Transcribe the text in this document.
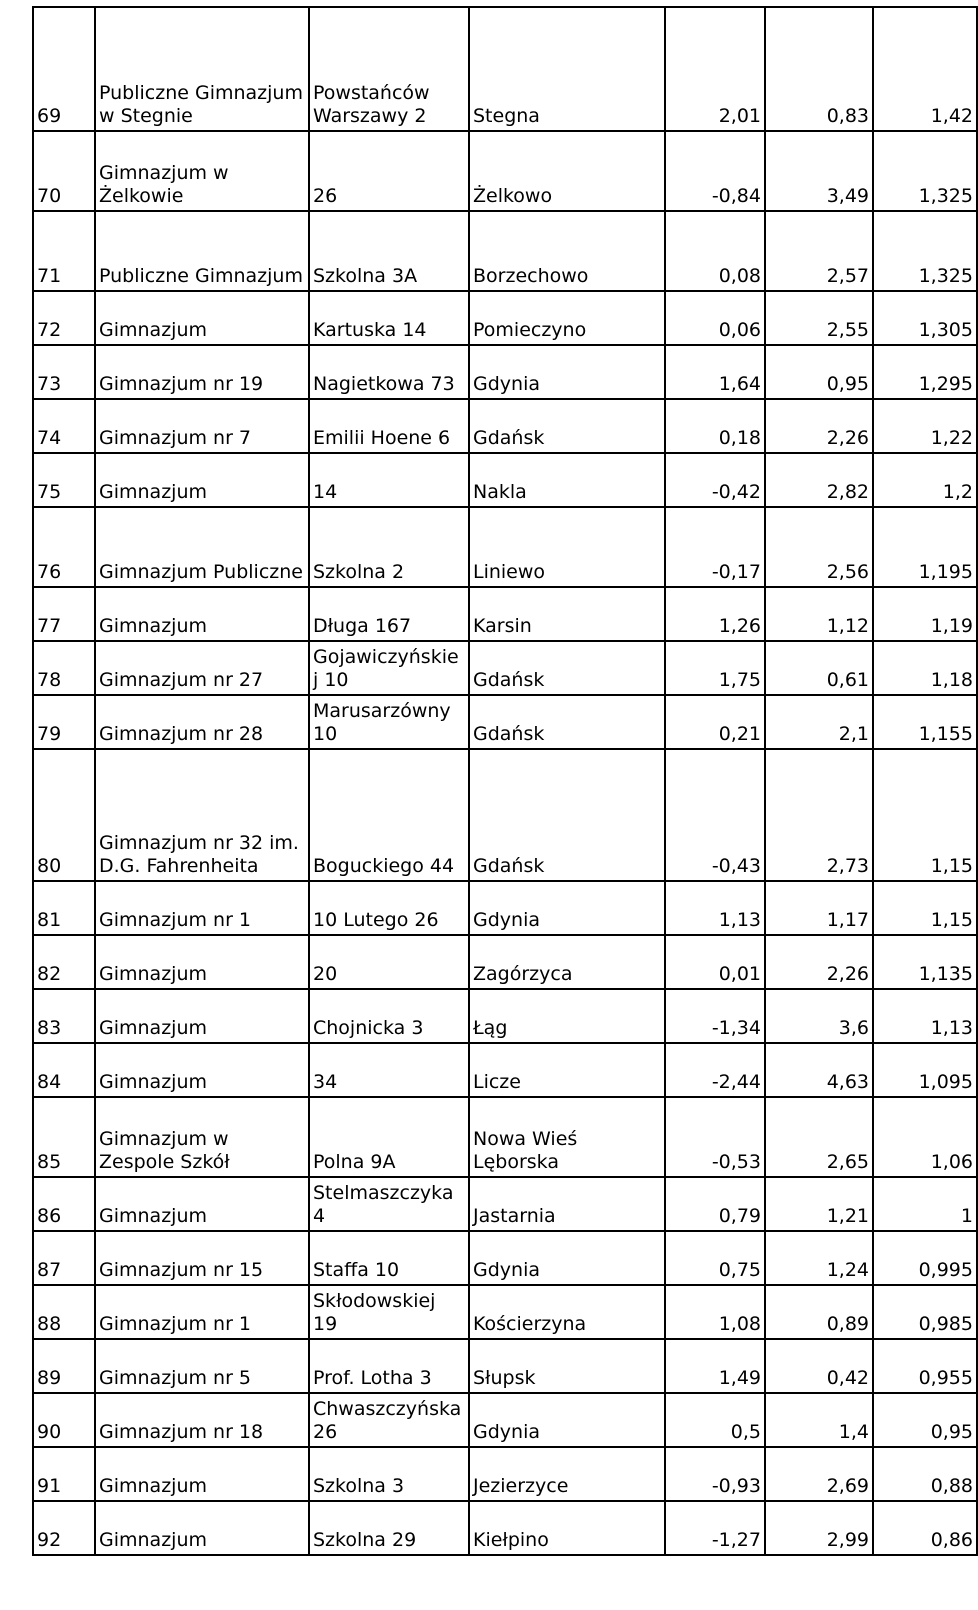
69	Publiczne Gimnazjum w Stegnie	Powstańców Warszawy 2	Stegna	2,01	0,83	1,42
70	Gimnazjum w Żelkowie	26	Żelkowo	-0,84	3,49	1,325
71	Publiczne Gimnazjum	Szkolna 3A	Borzechowo	0,08	2,57	1,325
72	Gimnazjum	Kartuska 14	Pomieczyno	0,06	2,55	1,305
73	Gimnazjum nr 19	Nagietkowa 73	Gdynia	1,64	0,95	1,295
74	Gimnazjum nr 7	Emilii Hoene 6	Gdańsk	0,18	2,26	1,22
75	Gimnazjum	14	Nakla	-0,42	2,82	1,2
76	Gimnazjum Publiczne	Szkolna 2	Liniewo	-0,17	2,56	1,195
77	Gimnazjum	Długa 167	Karsin	1,26	1,12	1,19
78	Gimnazjum nr 27	Gojawiczyńskie j 10	Gdańsk	1,75	0,61	1,18
79	Gimnazjum nr 28	Marusarzówny 10	Gdańsk	0,21	2,1	1,155
80	Gimnazjum nr 32 im. D.G. Fahrenheita	Boguckiego 44	Gdańsk	-0,43	2,73	1,15
81	Gimnazjum nr 1	10 Lutego 26	Gdynia	1,13	1,17	1,15
82	Gimnazjum	20	Zagórzyca	0,01	2,26	1,135
83	Gimnazjum	Chojnicka 3	Łąg	-1,34	3,6	1,13
84	Gimnazjum	34	Licze	-2,44	4,63	1,095
85	Gimnazjum w Zespole Szkół	Polna 9A	Nowa Wieś Lęborska	-0,53	2,65	1,06
86	Gimnazjum	Stelmaszczyka 4	Jastarnia	0,79	1,21	1
87	Gimnazjum nr 15	Staffa 10	Gdynia	0,75	1,24	0,995
88	Gimnazjum nr 1	Skłodowskiej 19	Kościerzyna	1,08	0,89	0,985
89	Gimnazjum nr 5	Prof. Lotha 3	Słupsk	1,49	0,42	0,955
90	Gimnazjum nr 18	Chwaszczyńska 26	Gdynia	0,5	1,4	0,95
91	Gimnazjum	Szkolna 3	Jezierzyce	-0,93	2,69	0,88
92	Gimnazjum	Szkolna 29	Kiełpino	-1,27	2,99	0,86
